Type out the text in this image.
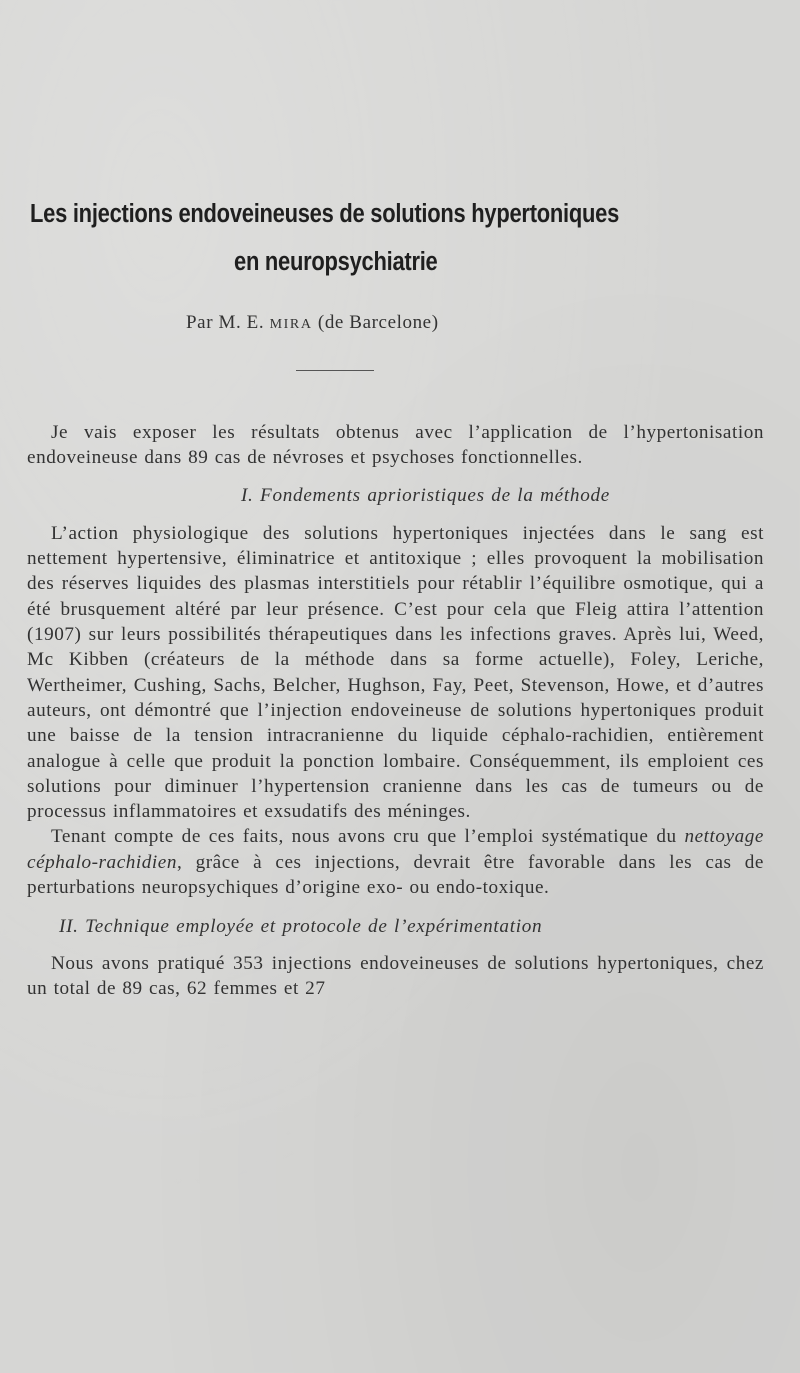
Les injections endoveineuses de solutions hypertoniques
en neuropsychiatrie
Par M. E. MIRA (de Barcelone)

Je vais exposer les résultats obtenus avec l’application de l’hypertonisation endoveineuse dans 89 cas de névroses et psychoses fonctionnelles.

I. Fondements aprioristiques de la méthode

L’action physiologique des solutions hypertoniques injectées dans le sang est nettement hypertensive, éliminatrice et antitoxique ; elles provoquent la mobilisation des réserves liquides des plasmas interstitiels pour rétablir l’équilibre osmotique, qui a été brusquement altéré par leur présence. C’est pour cela que Fleig attira l’attention (1907) sur leurs possibilités thérapeutiques dans les infections graves. Après lui, Weed, Mc Kibben (créateurs de la méthode dans sa forme actuelle), Foley, Leriche, Wertheimer, Cushing, Sachs, Belcher, Hughson, Fay, Peet, Stevenson, Howe, et d’autres auteurs, ont démontré que l’injection endoveineuse de solutions hypertoniques produit une baisse de la tension intracranienne du liquide céphalo-rachidien, entièrement analogue à celle que produit la ponction lombaire. Conséquemment, ils emploient ces solutions pour diminuer l’hypertension cranienne dans les cas de tumeurs ou de processus inflammatoires et exsudatifs des méninges.

Tenant compte de ces faits, nous avons cru que l’emploi systématique du nettoyage céphalo-rachidien, grâce à ces injections, devrait être favorable dans les cas de perturbations neuropsychiques d’origine exo- ou endo-toxique.

II. Technique employée et protocole de l’expérimentation

Nous avons pratiqué 353 injections endoveineuses de solutions hypertoniques, chez un total de 89 cas, 62 femmes et 27
